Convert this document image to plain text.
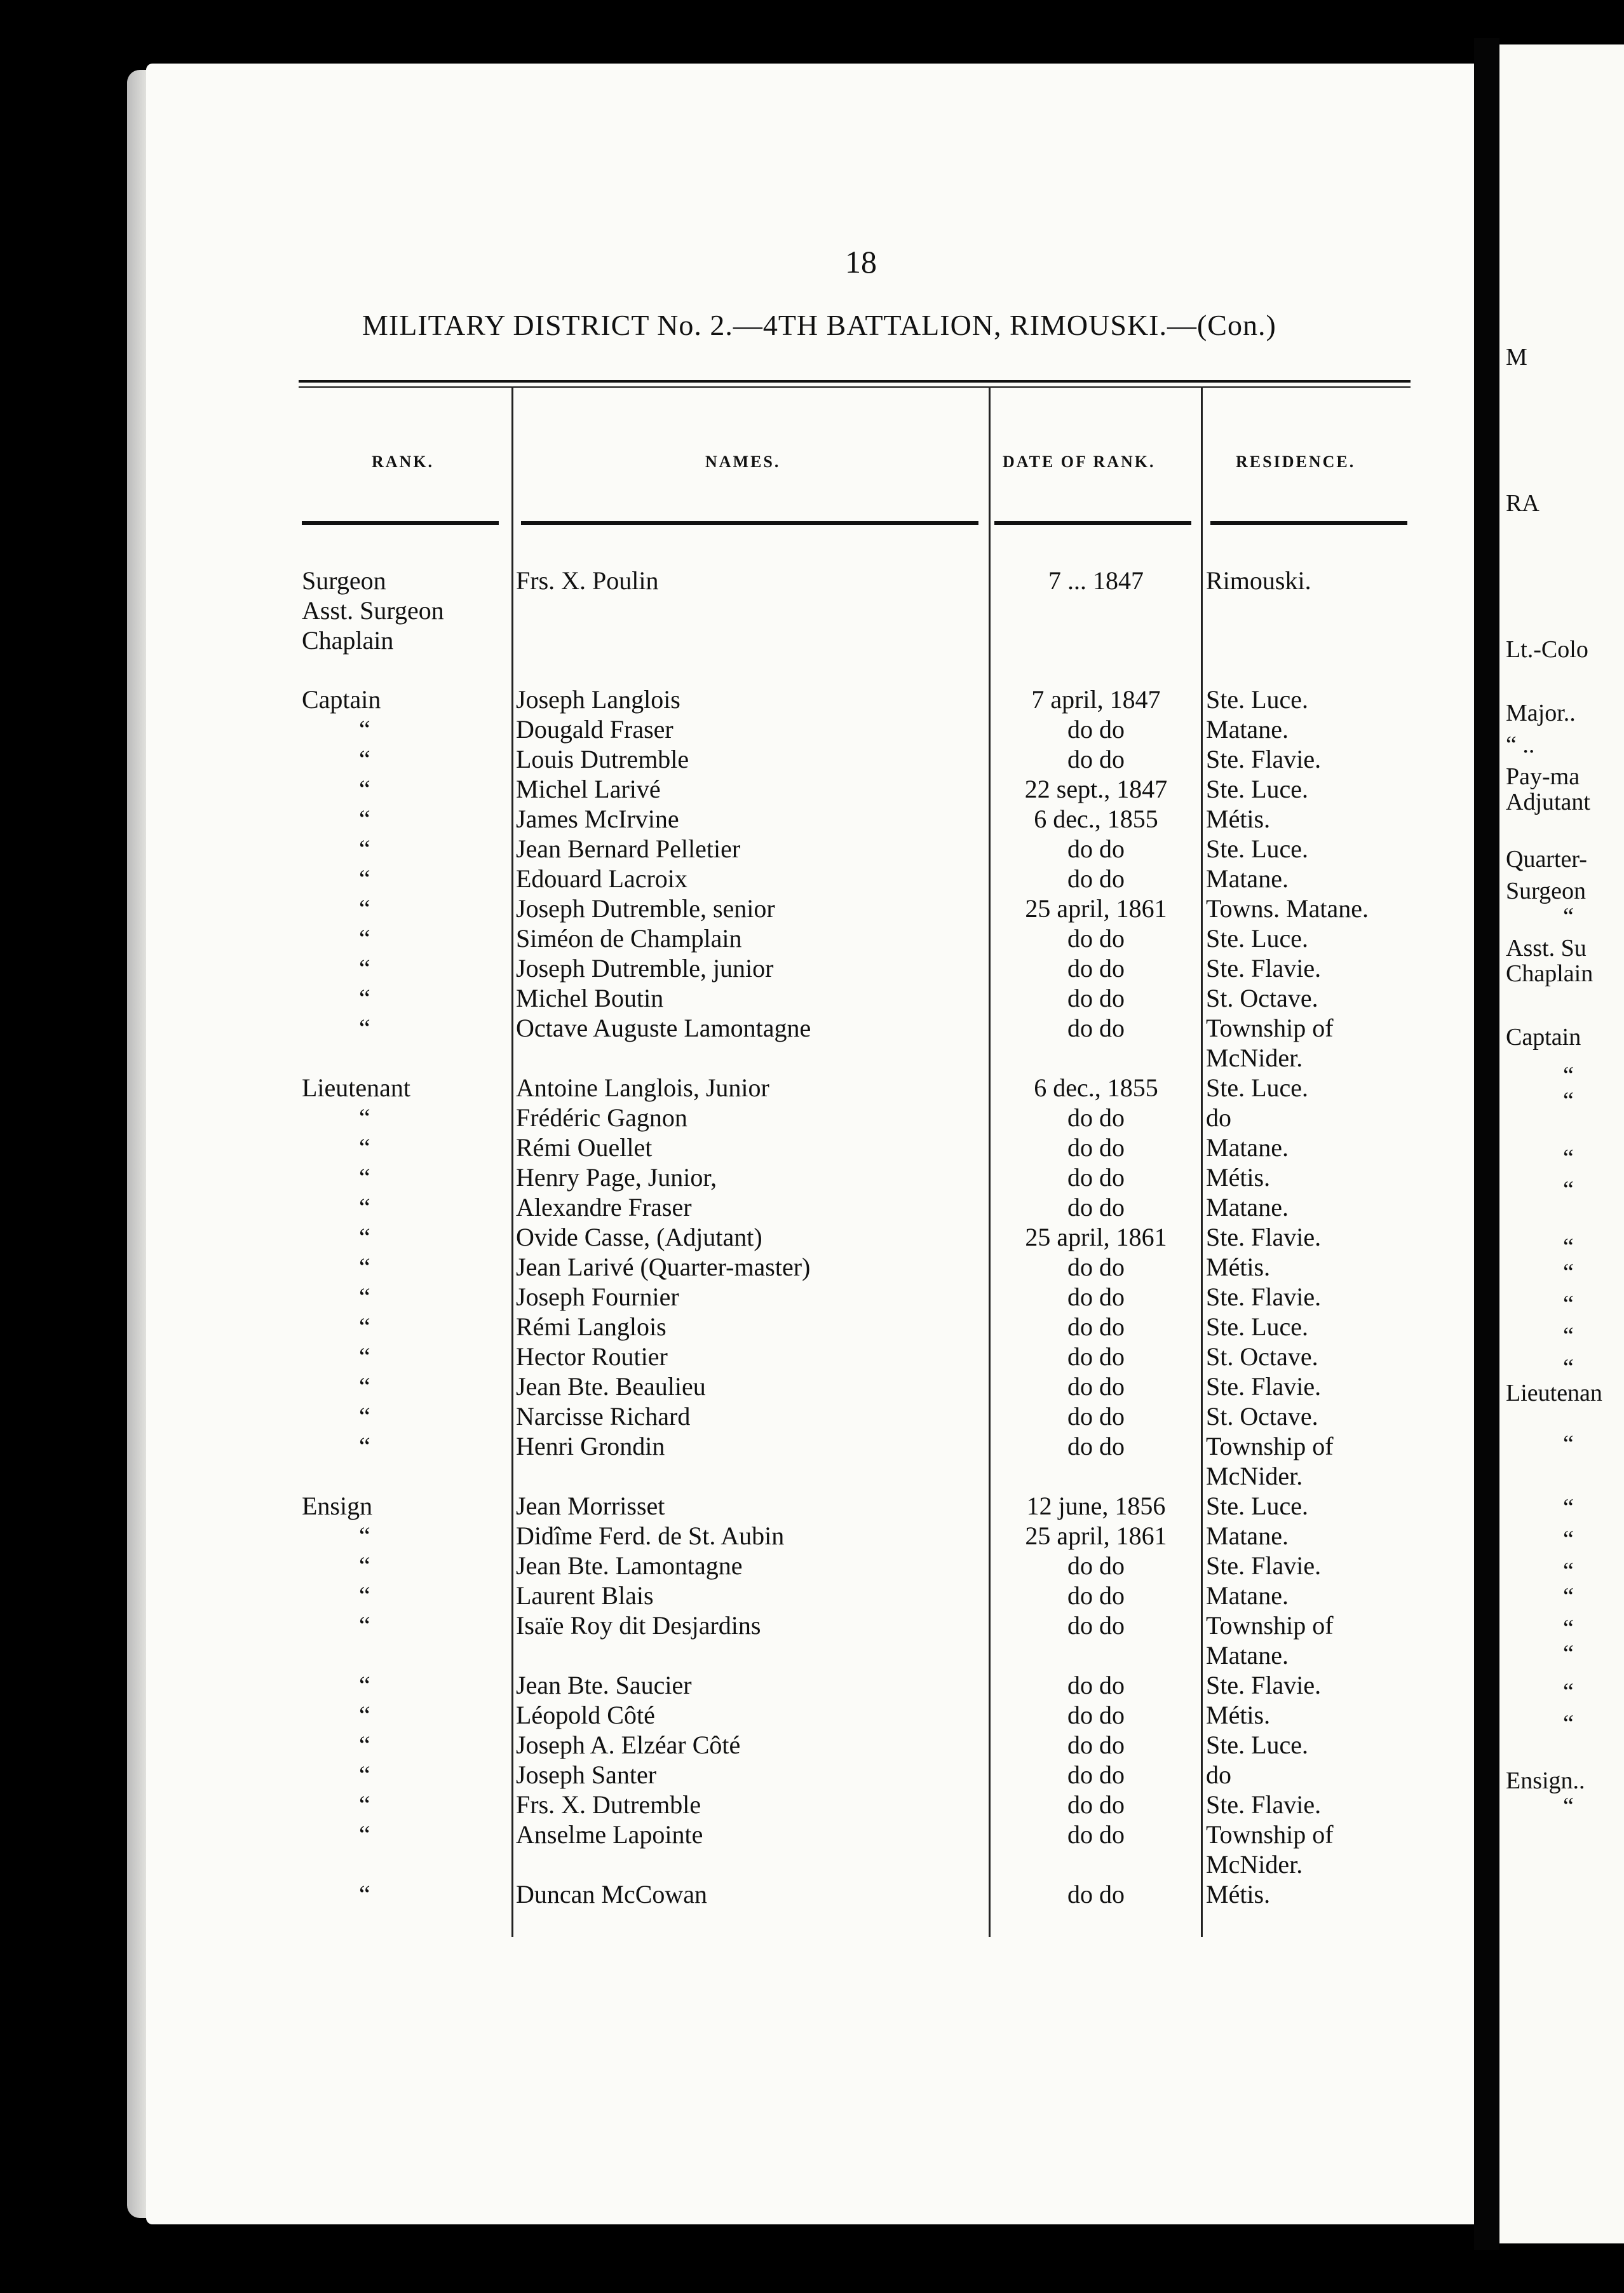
M
RA
Lt.-Colo
Major..
“ ..
Pay-ma
Adjutant
Quarter-
Surgeon
“
Asst. Su
Chaplain
Captain
“
“
“
“
“
“
“
“
“
Lieutenan
“
“
“
“
“
“
“
“
“
Ensign..
“
18
MILITARY DISTRICT No. 2.—4TH BATTALION, RIMOUSKI.—(Con.)
RANK.	NAMES.	DATE OF RANK.	RESIDENCE.
Surgeon	Frs. X. Poulin	7 ... 1847	Rimouski.
Asst. Surgeon
Chaplain
Captain	Joseph Langlois	7 april, 1847	Ste. Luce.
“	Dougald Fraser	do do	Matane.
“	Louis Dutremble	do do	Ste. Flavie.
“	Michel Larivé	22 sept., 1847	Ste. Luce.
“	James McIrvine	6 dec., 1855	Métis.
“	Jean Bernard Pelletier	do do	Ste. Luce.
“	Edouard Lacroix	do do	Matane.
“	Joseph Dutremble, senior	25 april, 1861	Towns. Matane.
“	Siméon de Champlain	do do	Ste. Luce.
“	Joseph Dutremble, junior	do do	Ste. Flavie.
“	Michel Boutin	do do	St. Octave.
“	Octave Auguste Lamontagne	do do	Township of
McNider.
Lieutenant	Antoine Langlois, Junior	6 dec., 1855	Ste. Luce.
“	Frédéric Gagnon	do do	do
“	Rémi Ouellet	do do	Matane.
“	Henry Page, Junior,	do do	Métis.
“	Alexandre Fraser	do do	Matane.
“	Ovide Casse, (Adjutant)	25 april, 1861	Ste. Flavie.
“	Jean Larivé (Quarter-master)	do do	Métis.
“	Joseph Fournier	do do	Ste. Flavie.
“	Rémi Langlois	do do	Ste. Luce.
“	Hector Routier	do do	St. Octave.
“	Jean Bte. Beaulieu	do do	Ste. Flavie.
“	Narcisse Richard	do do	St. Octave.
“	Henri Grondin	do do	Township of
McNider.
Ensign	Jean Morrisset	12 june, 1856	Ste. Luce.
“	Didîme Ferd. de St. Aubin	25 april, 1861	Matane.
“	Jean Bte. Lamontagne	do do	Ste. Flavie.
“	Laurent Blais	do do	Matane.
“	Isaïe Roy dit Desjardins	do do	Township of
Matane.
“	Jean Bte. Saucier	do do	Ste. Flavie.
“	Léopold Côté	do do	Métis.
“	Joseph A. Elzéar Côté	do do	Ste. Luce.
“	Joseph Santer	do do	do
“	Frs. X. Dutremble	do do	Ste. Flavie.
“	Anselme Lapointe	do do	Township of
McNider.
“	Duncan McCowan	do do	Métis.
